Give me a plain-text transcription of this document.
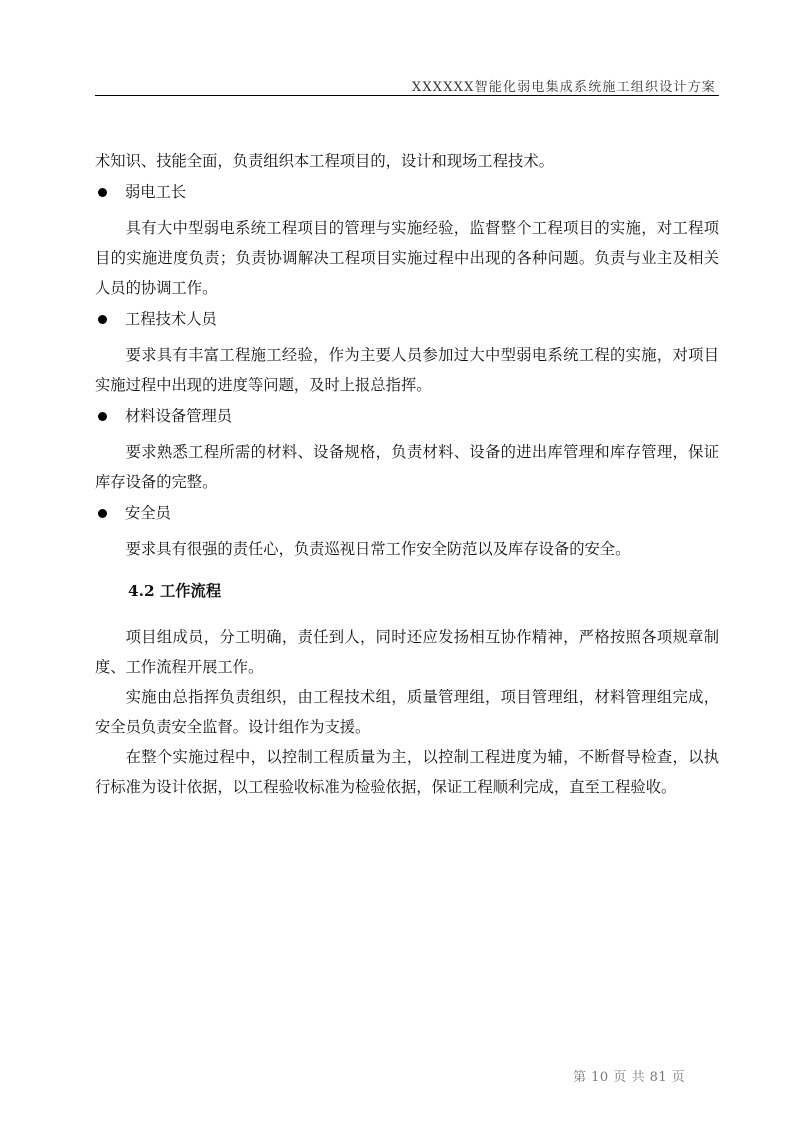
XXXXXX智能化弱电集成系统施工组织设计方案

术知识、技能全面，负责组织本工程项目的，设计和现场工程技术。

弱电工长

具有大中型弱电系统工程项目的管理与实施经验，监督整个工程项目的实施，对工程项目的实施进度负责；负责协调解决工程项目实施过程中出现的各种问题。负责与业主及相关人员的协调工作。

工程技术人员

要求具有丰富工程施工经验，作为主要人员参加过大中型弱电系统工程的实施，对项目实施过程中出现的进度等问题，及时上报总指挥。

材料设备管理员

要求熟悉工程所需的材料、设备规格，负责材料、设备的进出库管理和库存管理，保证库存设备的完整。

安全员

要求具有很强的责任心，负责巡视日常工作安全防范以及库存设备的安全。

4.2 工作流程

项目组成员，分工明确，责任到人，同时还应发扬相互协作精神，严格按照各项规章制度、工作流程开展工作。

实施由总指挥负责组织，由工程技术组，质量管理组，项目管理组，材料管理组完成，安全员负责安全监督。设计组作为支援。

在整个实施过程中，以控制工程质量为主，以控制工程进度为辅，不断督导检查，以执行标准为设计依据，以工程验收标准为检验依据，保证工程顺利完成，直至工程验收。

第 10 页 共 81 页
